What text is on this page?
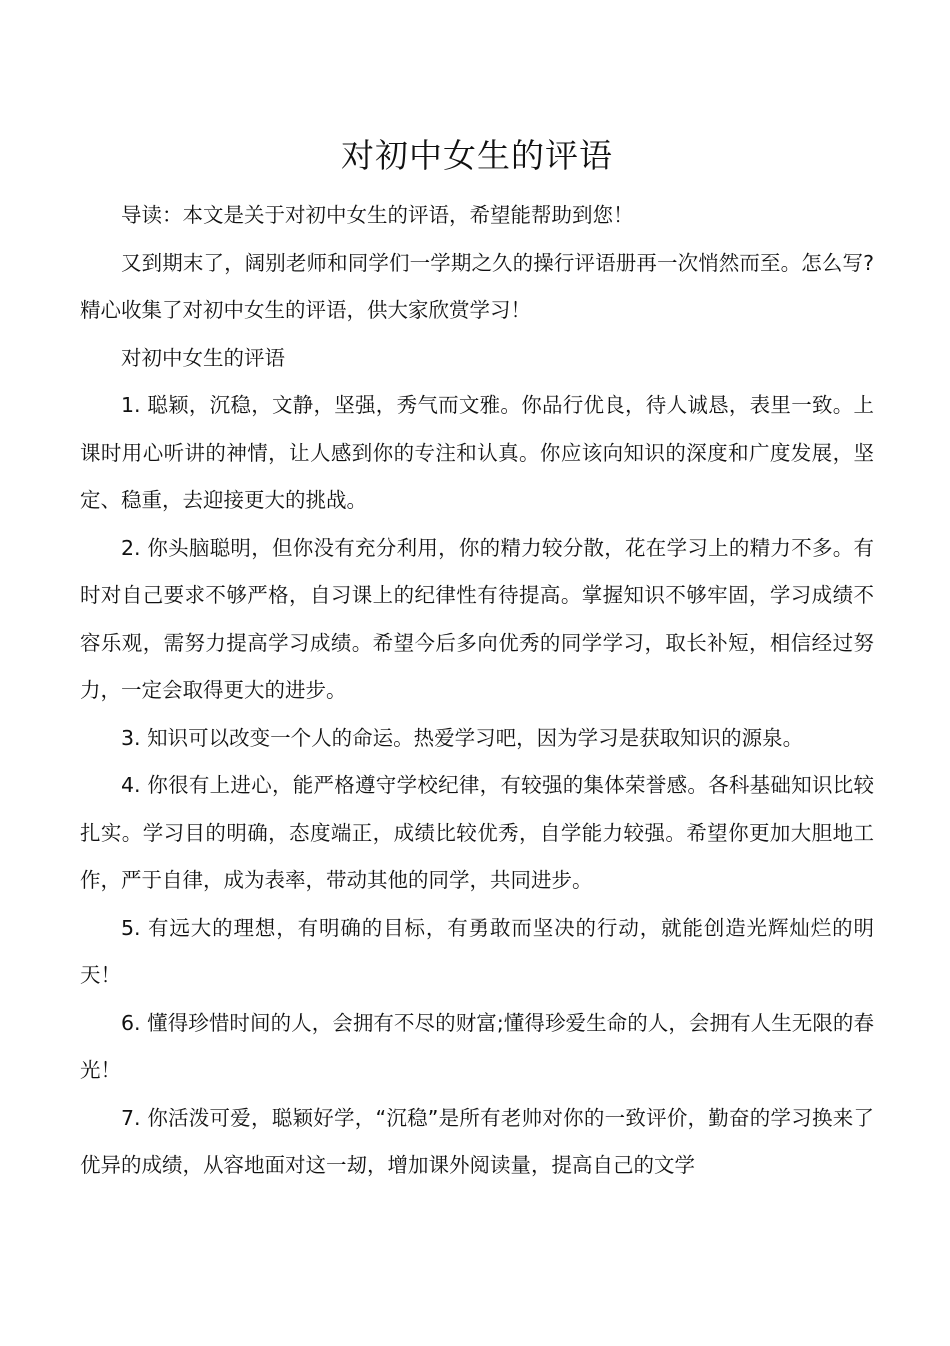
对初中女生的评语

导读：本文是关于对初中女生的评语，希望能帮助到您！

又到期末了，阔别老师和同学们一学期之久的操行评语册再一次悄然而至。怎么写?精心收集了对初中女生的评语，供大家欣赏学习！

对初中女生的评语

1. 聪颖，沉稳，文静，坚强，秀气而文雅。你品行优良，待人诚恳，表里一致。上课时用心听讲的神情，让人感到你的专注和认真。你应该向知识的深度和广度发展，坚定、稳重，去迎接更大的挑战。

2. 你头脑聪明，但你没有充分利用，你的精力较分散，花在学习上的精力不多。有时对自己要求不够严格，自习课上的纪律性有待提高。掌握知识不够牢固，学习成绩不容乐观，需努力提高学习成绩。希望今后多向优秀的同学学习，取长补短，相信经过努力，一定会取得更大的进步。

3. 知识可以改变一个人的命运。热爱学习吧，因为学习是获取知识的源泉。

4. 你很有上进心，能严格遵守学校纪律，有较强的集体荣誉感。各科基础知识比较扎实。学习目的明确，态度端正，成绩比较优秀，自学能力较强。希望你更加大胆地工作，严于自律，成为表率，带动其他的同学，共同进步。

5. 有远大的理想，有明确的目标，有勇敢而坚决的行动，就能创造光辉灿烂的明天！

6. 懂得珍惜时间的人，会拥有不尽的财富;懂得珍爱生命的人，会拥有人生无限的春光！

7. 你活泼可爱，聪颖好学，“沉稳”是所有老帅对你的一致评价，勤奋的学习换来了优异的成绩，从容地面对这一刼，增加课外阅读量，提高自己的文学
